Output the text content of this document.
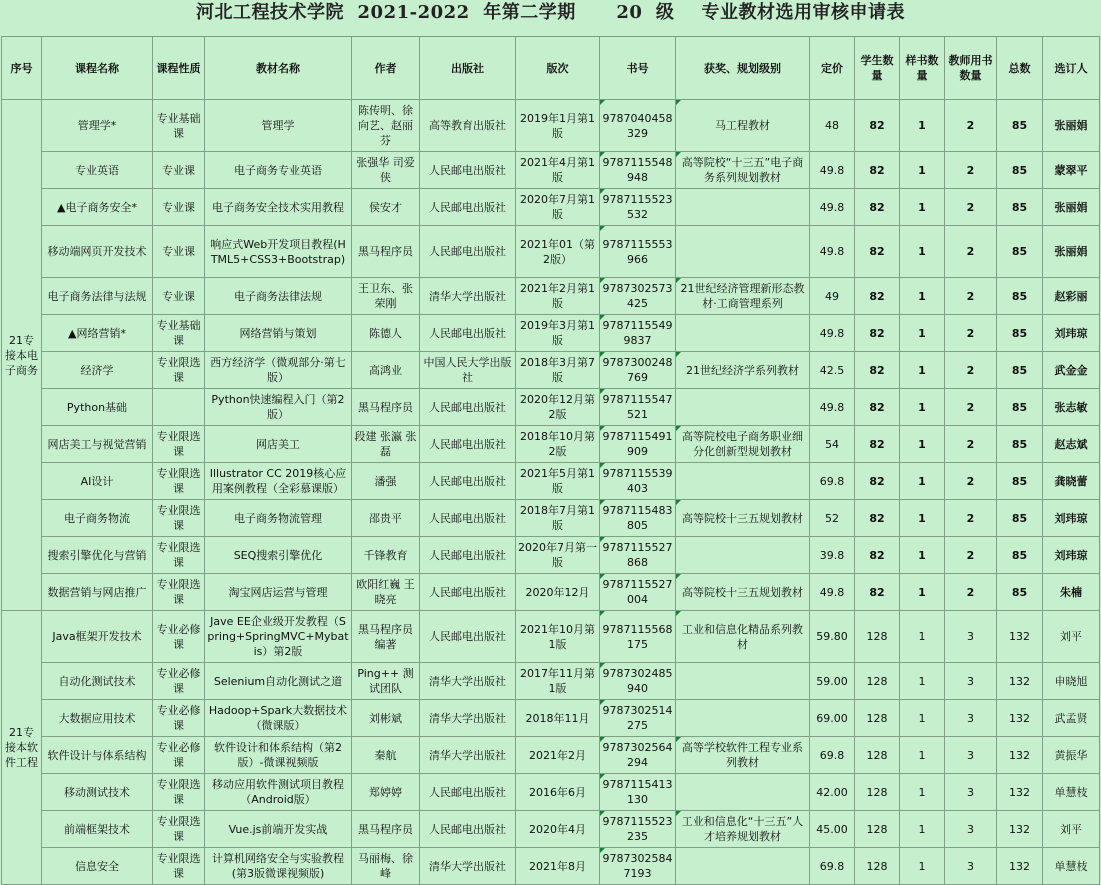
河北工程技术学院  2021-2022  年第二学期      20  级    专业教材选用审核申请表
序号	课程名称	课程性质	教材名称	作者	出版社	版次	书号	获奖、规划级别	定价	学生数量	样书数量	教师用书数量	总数	选订人
21专接本电子商务	管理学*	专业基础课	管理学	陈传明、徐向艺、赵丽芬	高等教育出版社	2019年1月第1版	9787040458329	马工程教材	48	82	1	2	85	张丽娟
	专业英语	专业课	电子商务专业英语	张强华 司爱侠	人民邮电出版社	2021年4月第1版	9787115548948	高等院校“十三五”电子商务系列规划教材	49.8	82	1	2	85	蒙翠平
	▲电子商务安全*	专业课	电子商务安全技术实用教程	侯安才	人民邮电出版社	2020年7月第1版	9787115523532		49.8	82	1	2	85	张丽娟
	移动端网页开发技术	专业课	响应式Web开发项目教程(HTML5+CSS3+Bootstrap)	黑马程序员	人民邮电出版社	2021年01（第2版）	9787115553966		49.8	82	1	2	85	张丽娟
	电子商务法律与法规	专业课	电子商务法律法规	王卫东、张荣刚	清华大学出版社	2021年2月第1版	9787302573425	21世纪经济管理新形态教材·工商管理系列	49	82	1	2	85	赵彩丽
	▲网络营销*	专业基础课	网络营销与策划	陈德人	人民邮电出版社	2019年3月第1版	97871155499837		49.8	82	1	2	85	刘玮琼
	经济学	专业限选课	西方经济学（微观部分·第七版）	高鸿业	中国人民大学出版社	2018年3月第7版	9787300248769	21世纪经济学系列教材	42.5	82	1	2	85	武金金
	Python基础		Python快速编程入门（第2版）	黑马程序员	人民邮电出版社	2020年12月第2版	9787115547521		49.8	82	1	2	85	张志敏
	网店美工与视觉营销	专业限选课	网店美工	段建 张瀛 张磊	人民邮电出版社	2018年10月第2版	9787115491909	高等院校电子商务职业细分化创新型规划教材	54	82	1	2	85	赵志斌
	AI设计	专业限选课	Illustrator CC 2019核心应用案例教程（全彩慕课版）	潘强	人民邮电出版社	2021年5月第1版	9787115539403		69.8	82	1	2	85	龚晓蕾
	电子商务物流	专业限选课	电子商务物流管理	邵贵平	人民邮电出版社	2018年7月第1版	9787115483805	高等院校十三五规划教材	52	82	1	2	85	刘玮琼
	搜索引擎优化与营销	专业限选课	SEQ搜索引擎优化	千锋教育	人民邮电出版社	2020年7月第一版	9787115527868		39.8	82	1	2	85	刘玮琼
	数据营销与网店推广	专业限选课	淘宝网店运营与管理	欧阳红巍 王晓亮	人民邮电出版社	2020年12月	9787115527004	高等院校十三五规划教材	49.8	82	1	2	85	朱楠
21专接本软件工程	Java框架开发技术	专业必修课	Jave EE企业级开发教程（Spring+SpringMVC+Mybatis）第2版	黑马程序员编著	人民邮电出版社	2021年10月第1版	9787115568175	工业和信息化精品系列教材	59.80	128	1	3	132	刘平
	自动化测试技术	专业必修课	Selenium自动化测试之道	Ping++ 测试团队	清华大学出版社	2017年11月第1版	9787302485940		59.00	128	1	3	132	申晓旭
	大数据应用技术	专业必修课	Hadoop+Spark大数据技术（微课版）	刘彬斌	清华大学出版社	2018年11月	9787302514275		69.00	128	1	3	132	武孟贤
	软件设计与体系结构	专业必修课	软件设计和体系结构（第2版）-微课视频版	秦航	清华大学出版社	2021年2月	9787302564294	高等学校软件工程专业系列教材	69.8	128	1	3	132	黄振华
	移动测试技术	专业限选课	移动应用软件测试项目教程（Android版）	郑婷婷	人民邮电出版社	2016年6月	9787115413130		42.00	128	1	3	132	单慧枝
	前端框架技术	专业限选课	Vue.js前端开发实战	黑马程序员	人民邮电出版社	2020年4月	9787115523235	工业和信息化“十三五”人才培养规划教材	45.00	128	1	3	132	刘平
	信息安全	专业限选课	计算机网络安全与实验教程(第3版微课视频版)	马丽梅、徐峰	清华大学出版社	2021年8月	97873025847193		69.8	128	1	3	132	单慧枝
